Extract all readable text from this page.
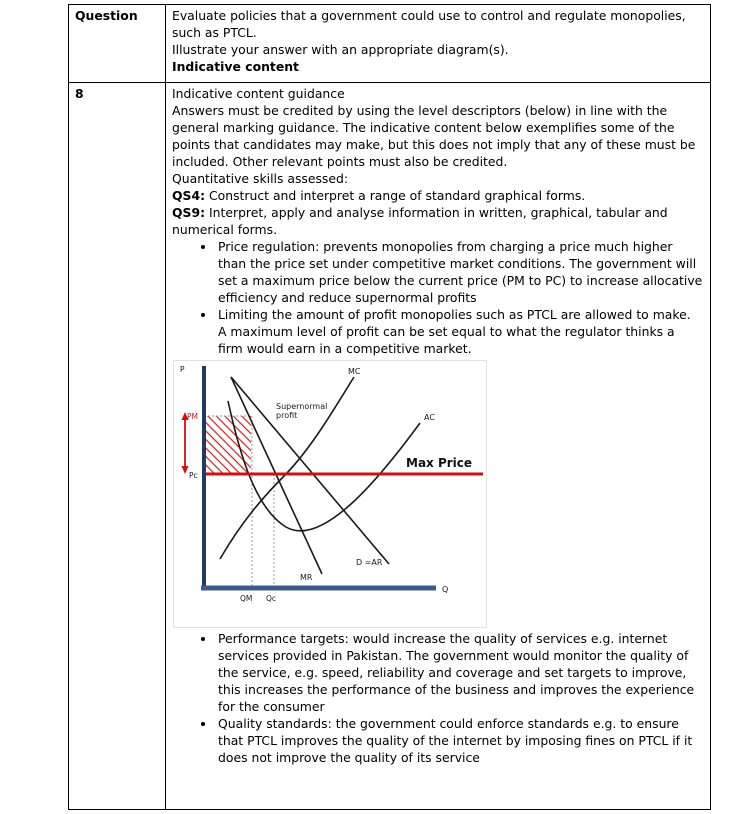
Question	Evaluate policies that a government could use to control and regulate monopolies, such as PTCL.
Illustrate your answer with an appropriate diagram(s).
Indicative content

8	Indicative content guidance
Answers must be credited by using the level descriptors (below) in line with the general marking guidance. The indicative content below exemplifies some of the points that candidates may make, but this does not imply that any of these must be included. Other relevant points must also be credited.
Quantitative skills assessed:
QS4: Construct and interpret a range of standard graphical forms.
QS9: Interpret, apply and analyse information in written, graphical, tabular and numerical forms.
• Price regulation: prevents monopolies from charging a price much higher than the price set under competitive market conditions. The government will set a maximum price below the current price (PM to PC) to increase allocative efficiency and reduce supernormal profits
• Limiting the amount of profit monopolies such as PTCL are allowed to make. A maximum level of profit can be set equal to what the regulator thinks a firm would earn in a competitive market.
P
Q
MC
AC
D =AR
MR
PM
Pc
QM Qc
Supernormal
profit
Max Price
• Performance targets: would increase the quality of services e.g. internet services provided in Pakistan. The government would monitor the quality of the service, e.g. speed, reliability and coverage and set targets to improve, this increases the performance of the business and improves the experience for the consumer
• Quality standards: the government could enforce standards e.g. to ensure that PTCL improves the quality of the internet by imposing fines on PTCL if it does not improve the quality of its service
